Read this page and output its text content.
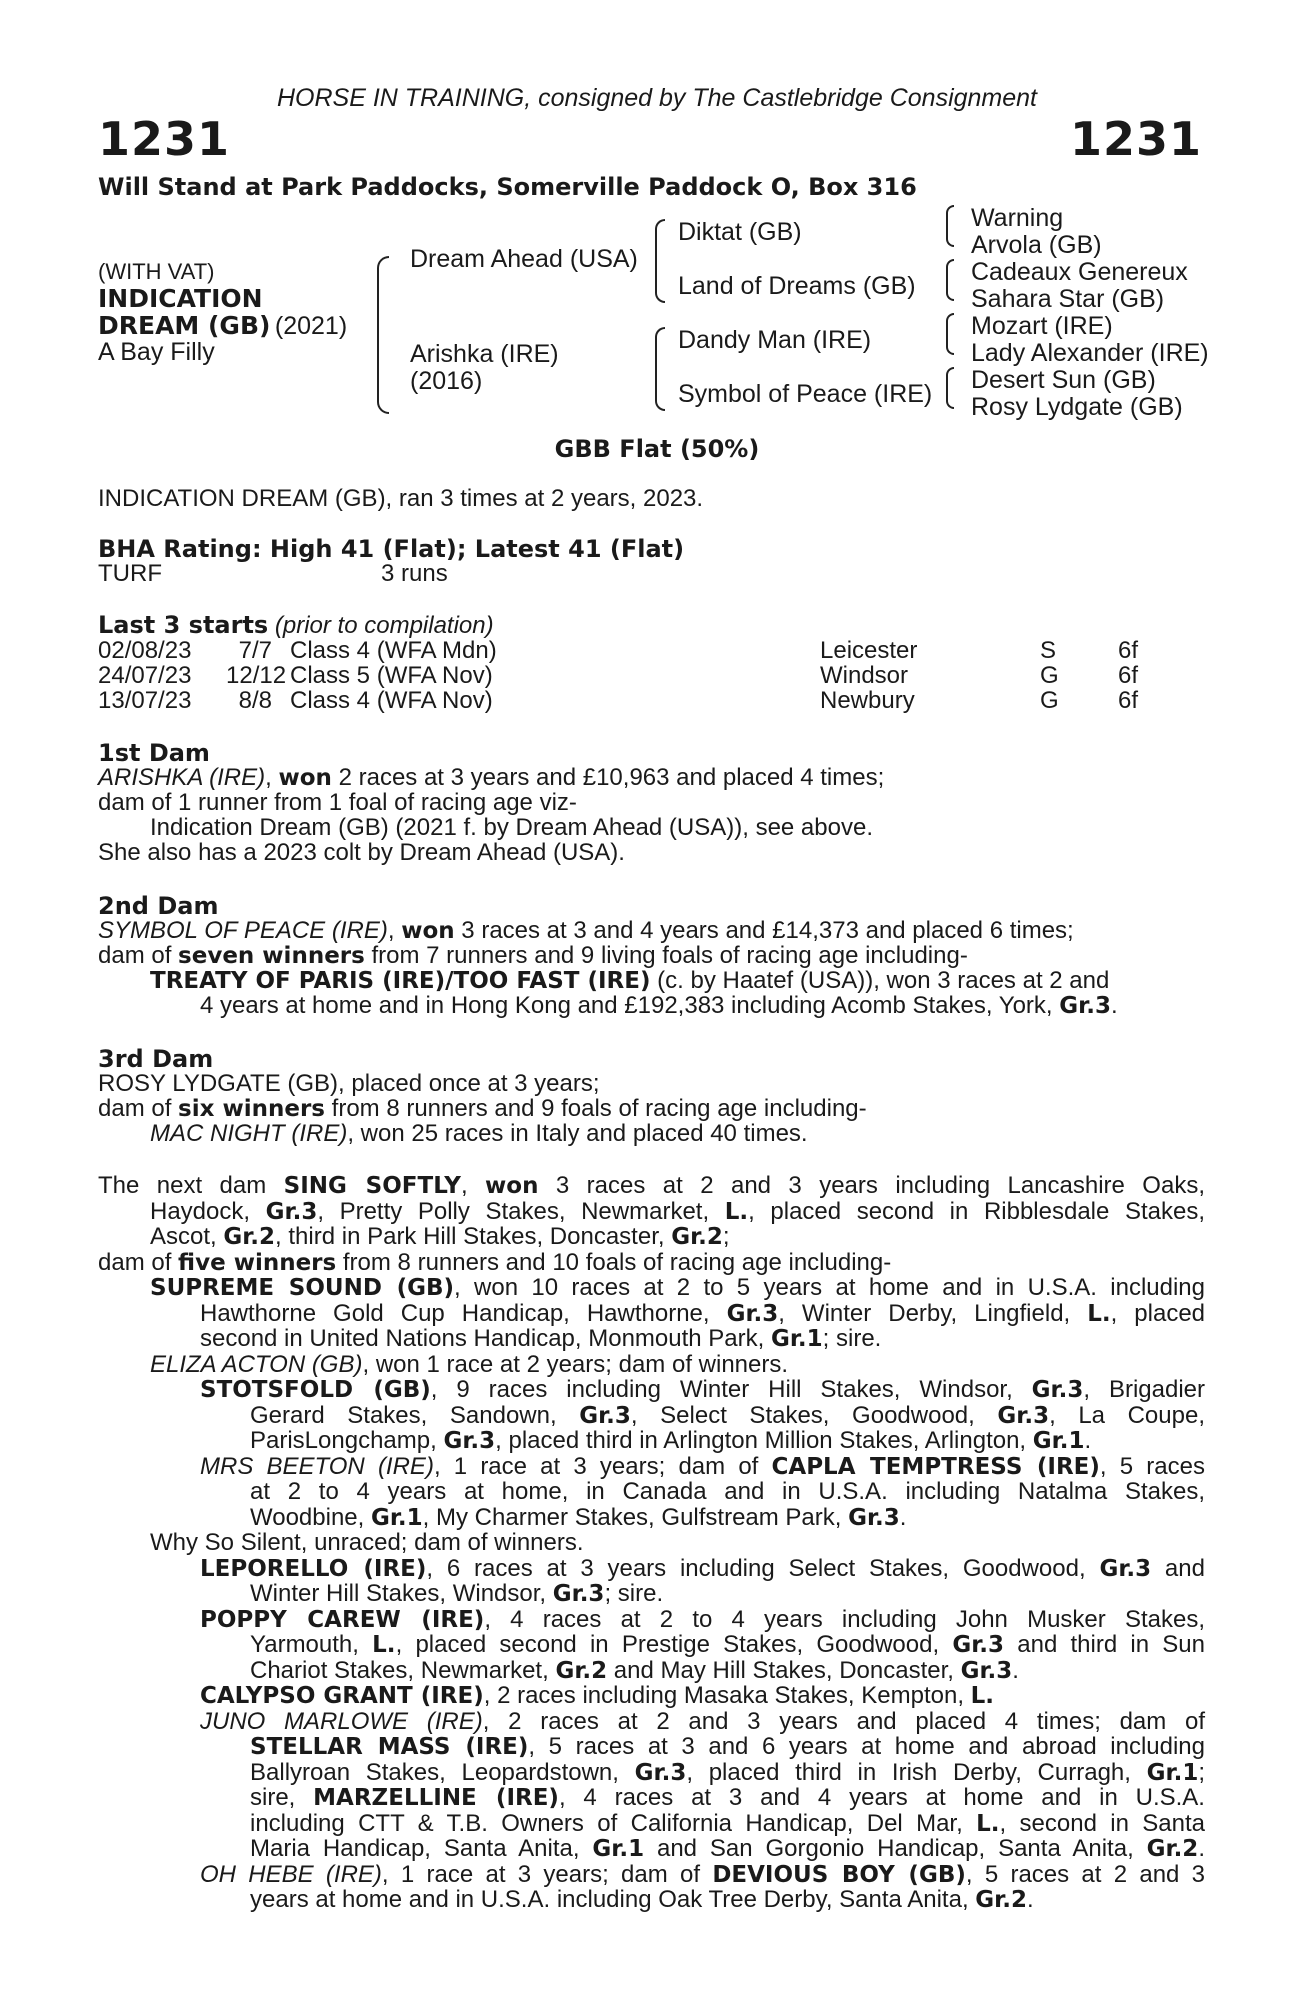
HORSE IN TRAINING, consigned by The Castlebridge Consignment
1231	1231
Will Stand at Park Paddocks, Somerville Paddock O, Box 316
(WITH VAT)
INDICATION
DREAM (GB) (2021)
A Bay Filly
Dream Ahead (USA)
Arishka (IRE)
(2016)
Diktat (GB)
Land of Dreams (GB)
Dandy Man (IRE)
Symbol of Peace (IRE)
Warning
Arvola (GB)
Cadeaux Genereux
Sahara Star (GB)
Mozart (IRE)
Lady Alexander (IRE)
Desert Sun (GB)
Rosy Lydgate (GB)
GBB Flat (50%)
INDICATION DREAM (GB), ran 3 times at 2 years, 2023.
BHA Rating: High 41 (Flat); Latest 41 (Flat)
TURF	3 runs
Last 3 starts (prior to compilation)
02/08/23	7/7 Class 4 (WFA Mdn)	Leicester	S	6f
24/07/23 12/12 Class 5 (WFA Nov)	Windsor	G 6f
13/07/23	8/8 Class 4 (WFA Nov)	Newbury	G 6f
1st Dam
ARISHKA (IRE), won 2 races at 3 years and £10,963 and placed 4 times;
dam of 1 runner from 1 foal of racing age viz-
Indication Dream (GB) (2021 f. by Dream Ahead (USA)), see above.
She also has a 2023 colt by Dream Ahead (USA).
2nd Dam
SYMBOL OF PEACE (IRE), won 3 races at 3 and 4 years and £14,373 and placed 6 times;
dam of seven winners from 7 runners and 9 living foals of racing age including-
TREATY OF PARIS (IRE)/TOO FAST (IRE) (c. by Haatef (USA)), won 3 races at 2 and
4 years at home and in Hong Kong and £192,383 including Acomb Stakes, York, Gr.3.
3rd Dam
ROSY LYDGATE (GB), placed once at 3 years;
dam of six winners from 8 runners and 9 foals of racing age including-
MAC NIGHT (IRE), won 25 races in Italy and placed 40 times.
The next dam SING SOFTLY, won 3 races at 2 and 3 years including Lancashire Oaks,
Haydock, Gr.3, Pretty Polly Stakes, Newmarket, L., placed second in Ribblesdale Stakes,
Ascot, Gr.2, third in Park Hill Stakes, Doncaster, Gr.2;
dam of five winners from 8 runners and 10 foals of racing age including-
SUPREME SOUND (GB), won 10 races at 2 to 5 years at home and in U.S.A. including
Hawthorne Gold Cup Handicap, Hawthorne, Gr.3, Winter Derby, Lingfield, L., placed
second in United Nations Handicap, Monmouth Park, Gr.1; sire.
ELIZA ACTON (GB), won 1 race at 2 years; dam of winners.
STOTSFOLD (GB), 9 races including Winter Hill Stakes, Windsor, Gr.3, Brigadier
Gerard Stakes, Sandown, Gr.3, Select Stakes, Goodwood, Gr.3, La Coupe,
ParisLongchamp, Gr.3, placed third in Arlington Million Stakes, Arlington, Gr.1.
MRS BEETON (IRE), 1 race at 3 years; dam of CAPLA TEMPTRESS (IRE), 5 races
at 2 to 4 years at home, in Canada and in U.S.A. including Natalma Stakes,
Woodbine, Gr.1, My Charmer Stakes, Gulfstream Park, Gr.3.
Why So Silent, unraced; dam of winners.
LEPORELLO (IRE), 6 races at 3 years including Select Stakes, Goodwood, Gr.3 and
Winter Hill Stakes, Windsor, Gr.3; sire.
POPPY CAREW (IRE), 4 races at 2 to 4 years including John Musker Stakes,
Yarmouth, L., placed second in Prestige Stakes, Goodwood, Gr.3 and third in Sun
Chariot Stakes, Newmarket, Gr.2 and May Hill Stakes, Doncaster, Gr.3.
CALYPSO GRANT (IRE), 2 races including Masaka Stakes, Kempton, L.
JUNO MARLOWE (IRE), 2 races at 2 and 3 years and placed 4 times; dam of
STELLAR MASS (IRE), 5 races at 3 and 6 years at home and abroad including
Ballyroan Stakes, Leopardstown, Gr.3, placed third in Irish Derby, Curragh, Gr.1;
sire, MARZELLINE (IRE), 4 races at 3 and 4 years at home and in U.S.A.
including CTT & T.B. Owners of California Handicap, Del Mar, L., second in Santa
Maria Handicap, Santa Anita, Gr.1 and San Gorgonio Handicap, Santa Anita, Gr.2.
OH HEBE (IRE), 1 race at 3 years; dam of DEVIOUS BOY (GB), 5 races at 2 and 3
years at home and in U.S.A. including Oak Tree Derby, Santa Anita, Gr.2.
